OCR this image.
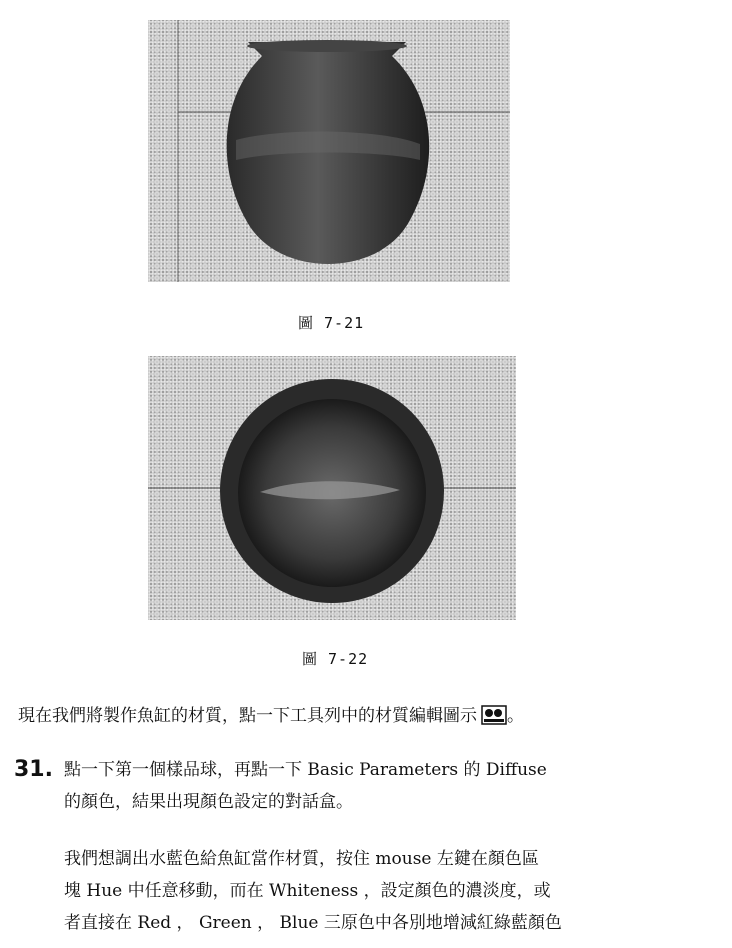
圖 7-21
圖 7-22
現在我們將製作魚缸的材質，點一下工具列中的材質編輯圖示 。
31. 點一下第一個樣品球，再點一下 Basic Parameters 的 Diffuse
的顏色，結果出現顏色設定的對話盒。
我們想調出水藍色給魚缸當作材質，按住 mouse 左鍵在顏色區
塊 Hue 中任意移動，而在 Whiteness ，設定顏色的濃淡度，或
者直接在 Red ， Green ， Blue 三原色中各別地增減紅綠藍顏色
